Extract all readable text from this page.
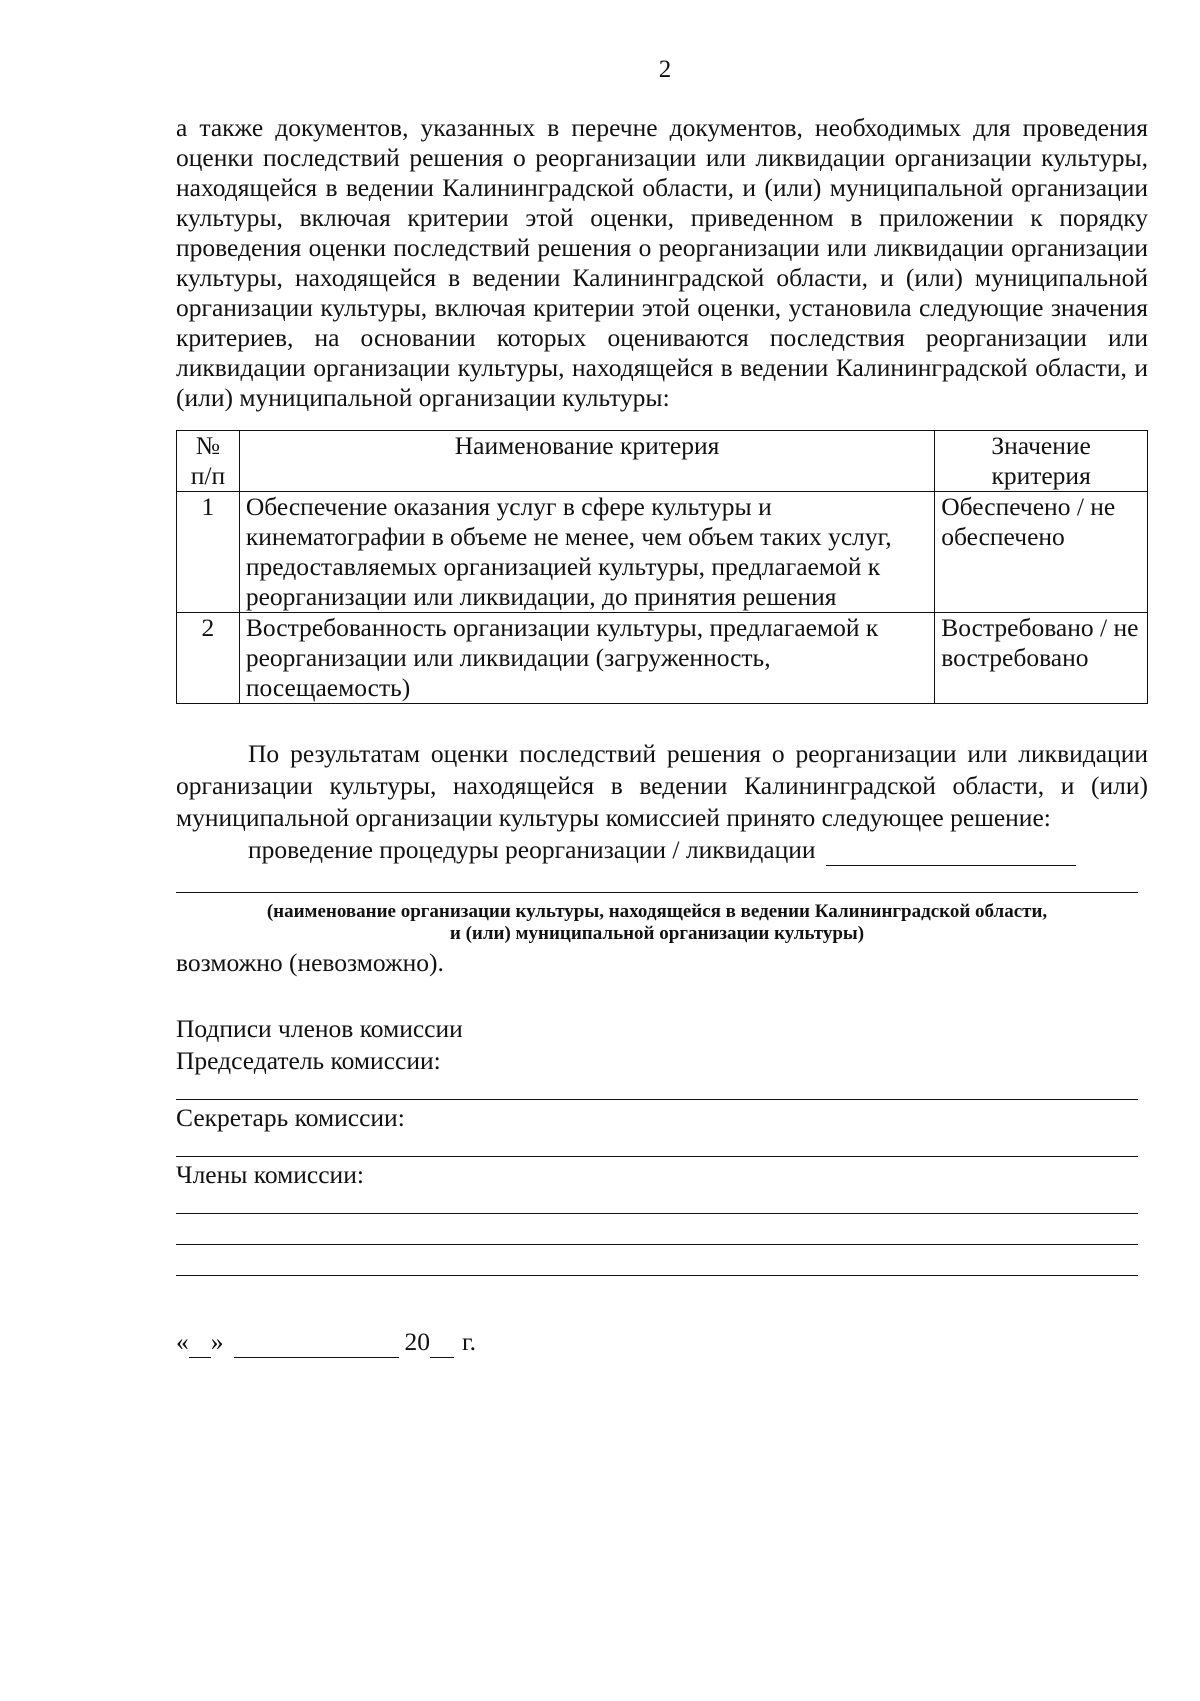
2

а также документов, указанных в перечне документов, необходимых для проведения оценки последствий решения о реорганизации или ликвидации организации культуры, находящейся в ведении Калининградской области, и (или) муниципальной организации культуры, включая критерии этой оценки, приведенном в приложении к порядку проведения оценки последствий решения о реорганизации или ликвидации организации культуры, находящейся в ведении Калининградской области, и (или) муниципальной организации культуры, включая критерии этой оценки, установила следующие значения критериев, на основании которых оцениваются последствия реорганизации или ликвидации организации культуры, находящейся в ведении Калининградской области, и (или) муниципальной организации культуры:

№ п/п	Наименование критерия	Значение критерия
1	Обеспечение оказания услуг в сфере культуры и кинематографии в объеме не менее, чем объем таких услуг, предоставляемых организацией культуры, предлагаемой к реорганизации или ликвидации, до принятия решения	Обеспечено / не обеспечено
2	Востребованность организации культуры, предлагаемой к реорганизации или ликвидации (загруженность, посещаемость)	Востребовано / не востребовано

По результатам оценки последствий решения о реорганизации или ликвидации организации культуры, находящейся в ведении Калининградской области, и (или) муниципальной организации культуры комиссией принято следующее решение:

проведение процедуры реорганизации / ликвидации

(наименование организации культуры, находящейся в ведении Калининградской области,
и (или) муниципальной организации культуры)

возможно (невозможно).

Подписи членов комиссии

Председатель комиссии:

Секретарь комиссии:

Члены комиссии:

« »	20 г.
